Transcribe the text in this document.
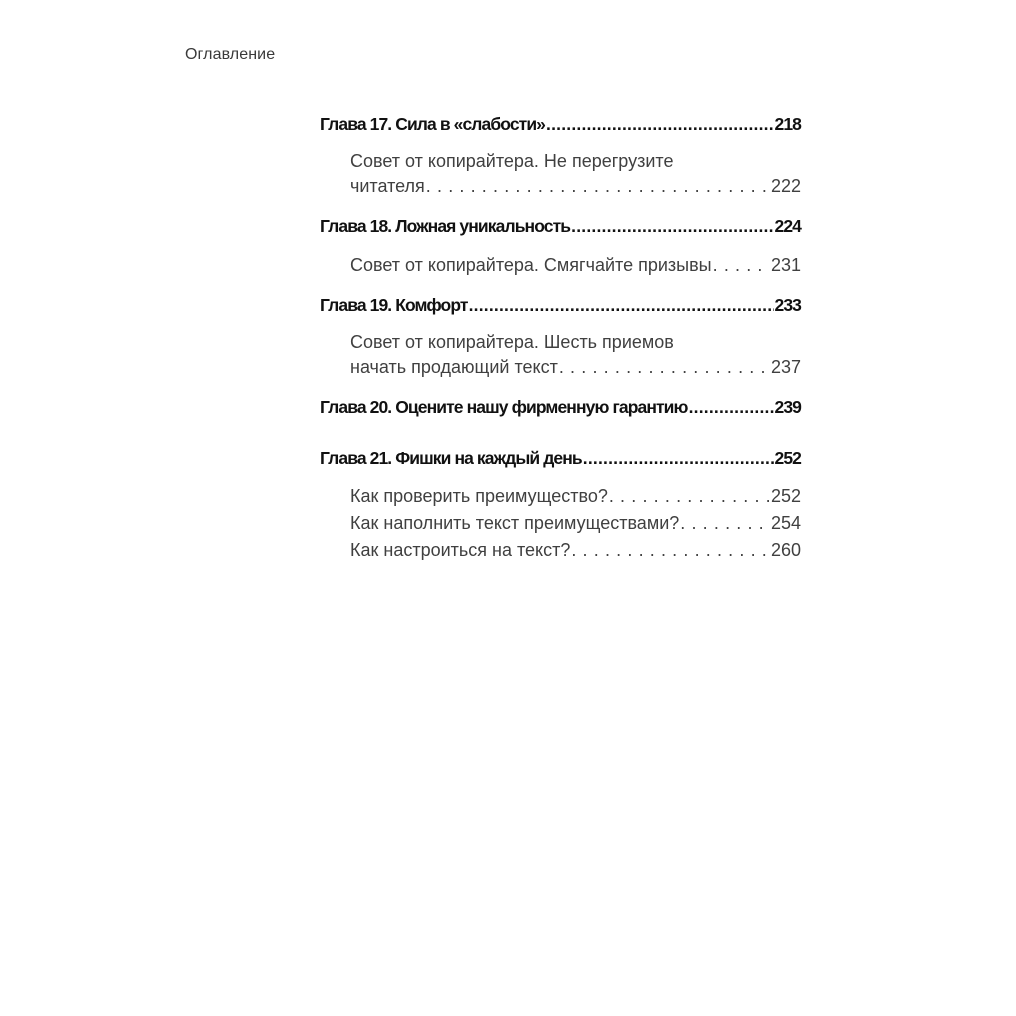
Оглавление
Глава 17. Сила в «слабости» .....	218
Совет от копирайтера. Не перегрузите
читателя . . .	222
Глава 18. Ложная уникальность .....	224
Совет от копирайтера. Смягчайте призывы . . .	231
Глава 19. Комфорт .....	233
Совет от копирайтера. Шесть приемов
начать продающий текст . . .	237
Глава 20. Оцените нашу фирменную гарантию .....	239
Глава 21. Фишки на каждый день .....	252
Как проверить преимущество? . . .	252
Как наполнить текст преимуществами? . . .	254
Как настроиться на текст? . . .	260
